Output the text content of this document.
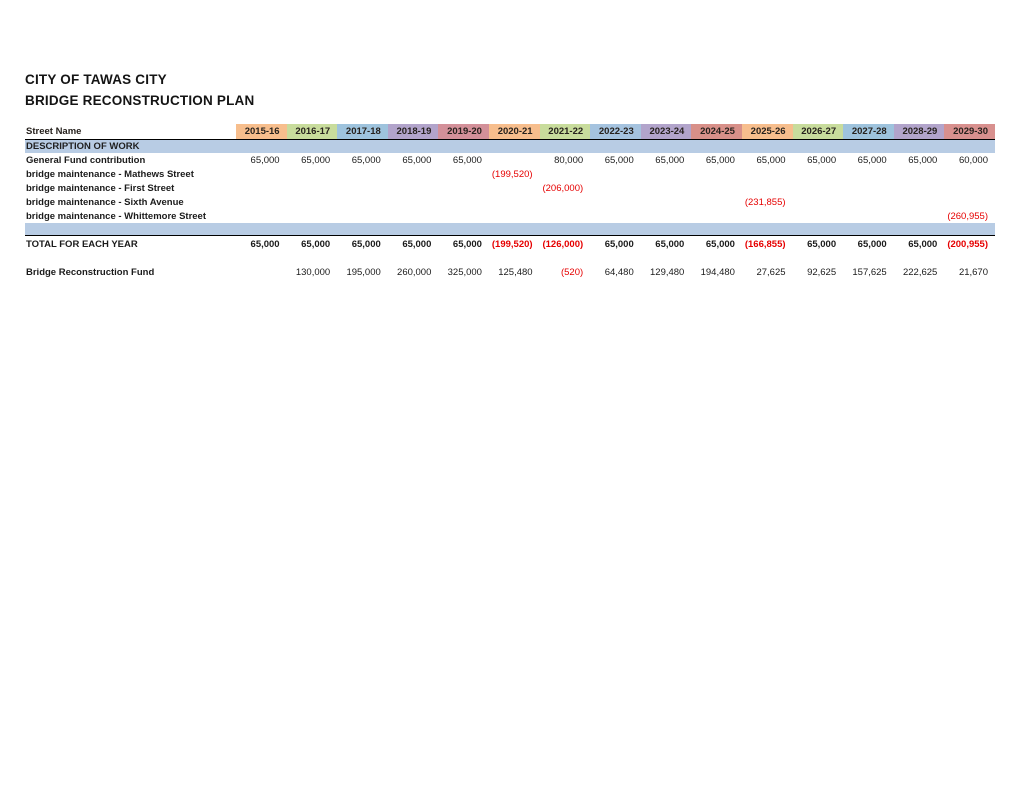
CITY OF TAWAS CITY
BRIDGE RECONSTRUCTION PLAN
Street Name	2015-16	2016-17	2017-18	2018-19	2019-20	2020-21	2021-22	2022-23	2023-24	2024-25	2025-26	2026-27	2027-28	2028-29	2029-30
DESCRIPTION OF WORK															
General Fund contribution	65,000	65,000	65,000	65,000	65,000		80,000	65,000	65,000	65,000	65,000	65,000	65,000	65,000	60,000
bridge maintenance - Mathews Street						(199,520)									
bridge maintenance - First Street							(206,000)								
bridge maintenance - Sixth Avenue											(231,855)				
bridge maintenance - Whittemore Street															(260,955)

TOTAL FOR EACH YEAR	65,000	65,000	65,000	65,000	65,000	(199,520)	(126,000)	65,000	65,000	65,000	(166,855)	65,000	65,000	65,000	(200,955)

Bridge Reconstruction Fund		130,000	195,000	260,000	325,000	125,480	(520)	64,480	129,480	194,480	27,625	92,625	157,625	222,625	21,670
